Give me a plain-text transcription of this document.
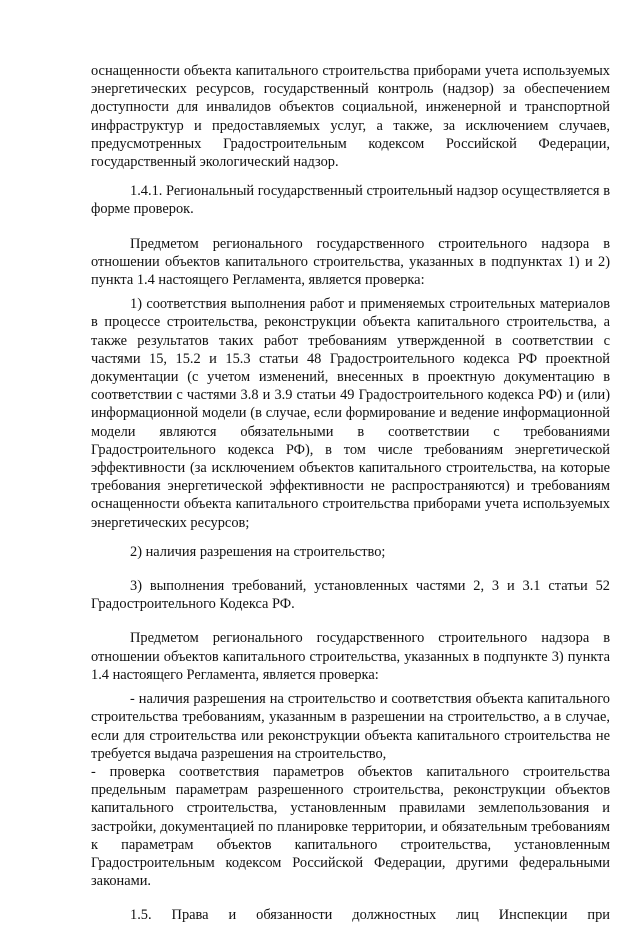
оснащенности объекта капитального строительства приборами учета используемых энергетических ресурсов, государственный контроль (надзор) за обеспечением доступности для инвалидов объектов социальной, инженерной и транспортной инфраструктур и предоставляемых услуг, а также, за исключением случаев, предусмотренных Градостроительным кодексом Российской Федерации, государственный экологический надзор.

1.4.1. Региональный государственный строительный надзор осуществляется в форме проверок.

Предметом регионального государственного строительного надзора в отношении объектов капитального строительства, указанных в подпунктах 1) и 2) пункта 1.4 настоящего Регламента, является проверка:

1) соответствия выполнения работ и применяемых строительных материалов в процессе строительства, реконструкции объекта капитального строительства, а также результатов таких работ требованиям утвержденной в соответствии с частями 15, 15.2 и 15.3 статьи 48 Градостроительного кодекса РФ проектной документации (с учетом изменений, внесенных в проектную документацию в соответствии с частями 3.8 и 3.9 статьи 49 Градостроительного кодекса РФ) и (или) информационной модели (в случае, если формирование и ведение информационной модели являются обязательными в соответствии с требованиями Градостроительного кодекса РФ), в том числе требованиям энергетической эффективности (за исключением объектов капитального строительства, на которые требования энергетической эффективности не распространяются) и требованиям оснащенности объекта капитального строительства приборами учета используемых энергетических ресурсов;

2) наличия разрешения на строительство;

3) выполнения требований, установленных частями 2, 3 и 3.1 статьи 52 Градостроительного Кодекса РФ.

Предметом регионального государственного строительного надзора в отношении объектов капитального строительства, указанных в подпункте 3) пункта 1.4 настоящего Регламента, является проверка:

- наличия разрешения на строительство и соответствия объекта капитального строительства требованиям, указанным в разрешении на строительство, а в случае, если для строительства или реконструкции объекта капитального строительства не требуется выдача разрешения на строительство,

- проверка соответствия параметров объектов капитального строительства предельным параметрам разрешенного строительства, реконструкции объектов капитального строительства, установленным правилами землепользования и застройки, документацией по планировке территории, и обязательным требованиям к параметрам объектов капитального строительства, установленным Градостроительным кодексом Российской Федерации, другими федеральными законами.

1.5. Права и обязанности должностных лиц Инспекции при
